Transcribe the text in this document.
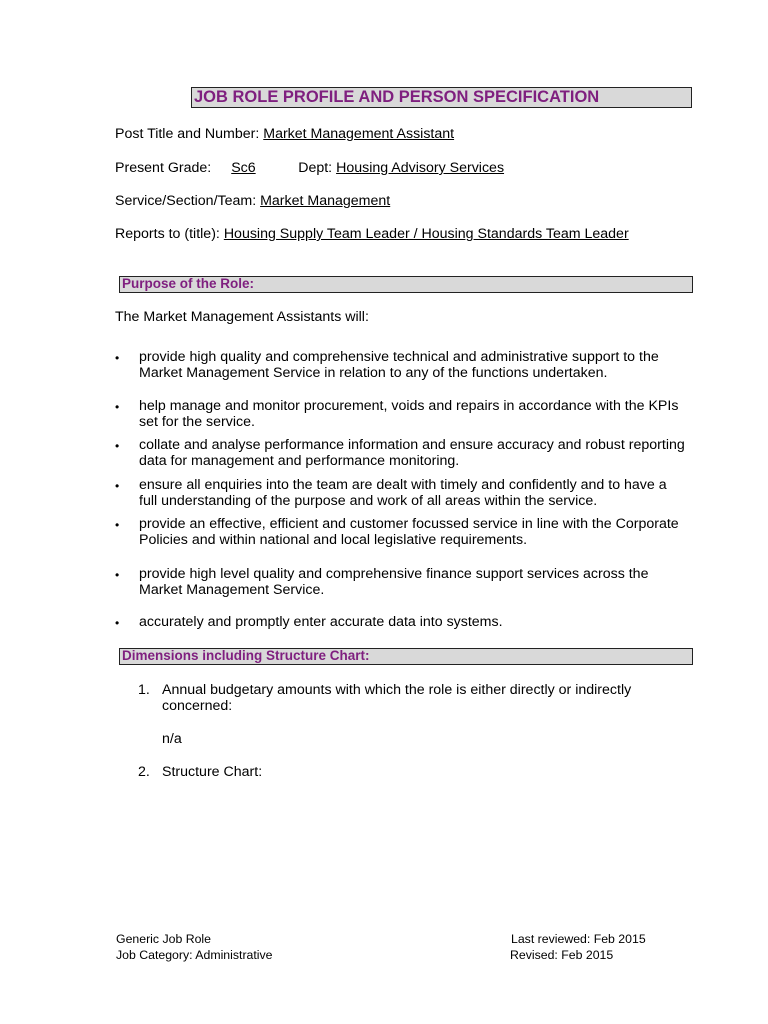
JOB ROLE PROFILE AND PERSON SPECIFICATION
Post Title and Number: Market Management Assistant
Present Grade: Sc6	Dept: Housing Advisory Services
Service/Section/Team: Market Management
Reports to (title): Housing Supply Team Leader / Housing Standards Team Leader
Purpose of the Role:
The Market Management Assistants will:
• provide high quality and comprehensive technical and administrative support to the
Market Management Service in relation to any of the functions undertaken.
• help manage and monitor procurement, voids and repairs in accordance with the KPIs
set for the service.
• collate and analyse performance information and ensure accuracy and robust reporting
data for management and performance monitoring.
• ensure all enquiries into the team are dealt with timely and confidently and to have a
full understanding of the purpose and work of all areas within the service.
• provide an effective, efficient and customer focussed service in line with the Corporate
Policies and within national and local legislative requirements.
• provide high level quality and comprehensive finance support services across the
Market Management Service.
• accurately and promptly enter accurate data into systems.
Dimensions including Structure Chart:
1. Annual budgetary amounts with which the role is either directly or indirectly
concerned:
n/a
2. Structure Chart:
Generic Job Role
Job Category: Administrative
Last reviewed: Feb 2015
Revised: Feb 2015
